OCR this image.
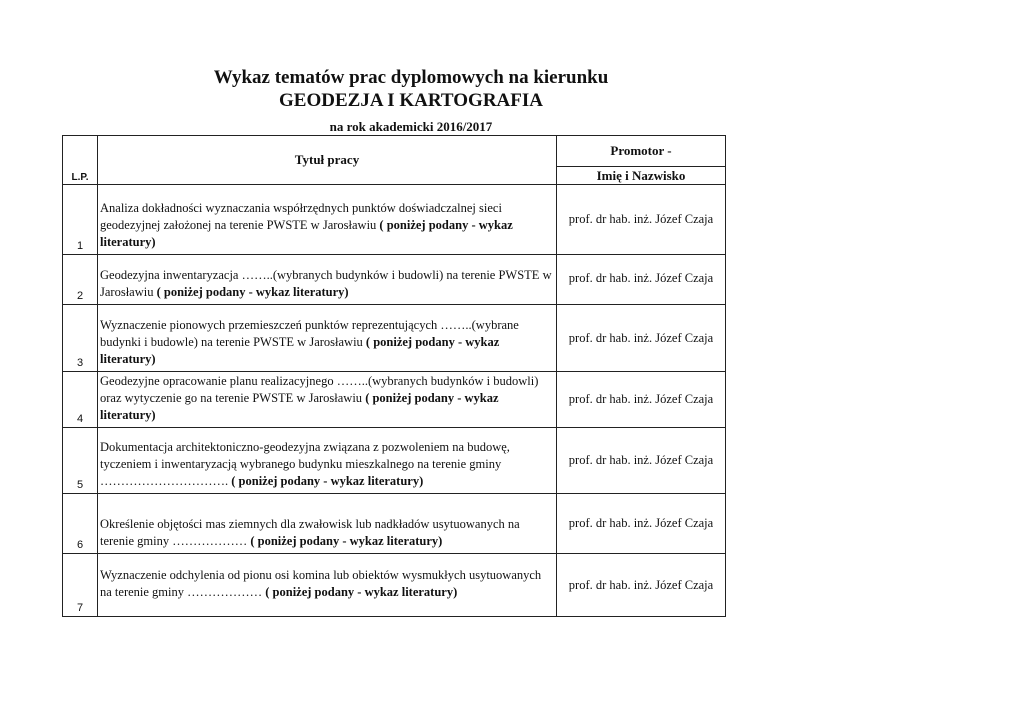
Wykaz tematów prac dyplomowych na kierunku
GEODEZJA I KARTOGRAFIA
na rok akademicki 2016/2017
L.P.	Tytuł pracy	Promotor -
		Imię i Nazwisko
1	Analiza dokładności wyznaczania współrzędnych punktów doświadczalnej sieci geodezyjnej założonej na terenie PWSTE w Jarosławiu ( poniżej podany - wykaz literatury)	prof. dr hab. inż. Józef Czaja
2	Geodezyjna inwentaryzacja ……..(wybranych budynków i budowli) na terenie PWSTE w Jarosławiu ( poniżej podany - wykaz literatury)	prof. dr hab. inż. Józef Czaja
3	Wyznaczenie pionowych przemieszczeń punktów reprezentujących ……..(wybrane budynki i budowle) na terenie PWSTE w Jarosławiu ( poniżej podany - wykaz literatury)	prof. dr hab. inż. Józef Czaja
4	Geodezyjne opracowanie planu realizacyjnego ……..(wybranych budynków i budowli) oraz wytyczenie go na terenie PWSTE w Jarosławiu ( poniżej podany - wykaz literatury)	prof. dr hab. inż. Józef Czaja
5	Dokumentacja architektoniczno-geodezyjna związana z pozwoleniem na budowę, tyczeniem i inwentaryzacją wybranego budynku mieszkalnego na terenie gminy …………………………. ( poniżej podany - wykaz literatury)	prof. dr hab. inż. Józef Czaja
6	Określenie objętości mas ziemnych dla zwałowisk lub nadkładów usytuowanych na terenie gminy ……………… ( poniżej podany - wykaz literatury)	prof. dr hab. inż. Józef Czaja
7	Wyznaczenie odchylenia od pionu osi komina lub obiektów wysmukłych usytuowanych na terenie gminy ……………… ( poniżej podany - wykaz literatury)	prof. dr hab. inż. Józef Czaja
